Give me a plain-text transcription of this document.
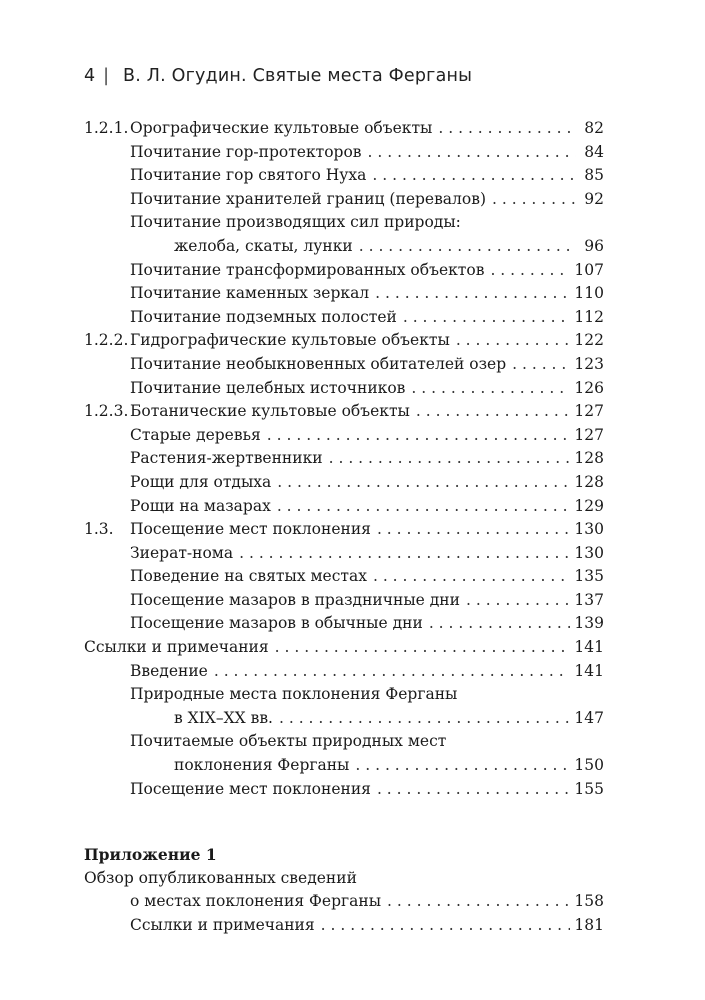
4 | В. Л. Огудин. Святые места Ферганы
1.2.1. Орографические культовые объекты . . .	82
Почитание гор-протекторов . . .	84
Почитание гор святого Нуха . . .	85
Почитание хранителей границ (перевалов) . . .	92
Почитание производящих сил природы:
желоба, скаты, лунки . . .	96
Почитание трансформированных объектов . . .	107
Почитание каменных зеркал . . .	110
Почитание подземных полостей . . .	112
1.2.2. Гидрографические культовые объекты . . .	122
Почитание необыкновенных обитателей озер . . .	123
Почитание целебных источников . . .	126
1.2.3. Ботанические культовые объекты . . .	127
Старые деревья . . .	127
Растения-жертвенники . . .	128
Рощи для отдыха . . .	128
Рощи на мазарах . . .	129
1.3.	Посещение мест поклонения . . .	130
Зиерат-нома . . .	130
Поведение на святых местах . . .	135
Посещение мазаров в праздничные дни . . .	137
Посещение мазаров в обычные дни . . .	139
Ссылки и примечания . . .	141
Введение . . .	141
Природные места поклонения Ферганы
в XIX–XX вв. . . .	147
Почитаемые объекты природных мест
поклонения Ферганы . . .	150
Посещение мест поклонения . . .	155
Приложение 1
Обзор опубликованных сведений
о местах поклонения Ферганы . . .	158
Ссылки и примечания . . .	181
